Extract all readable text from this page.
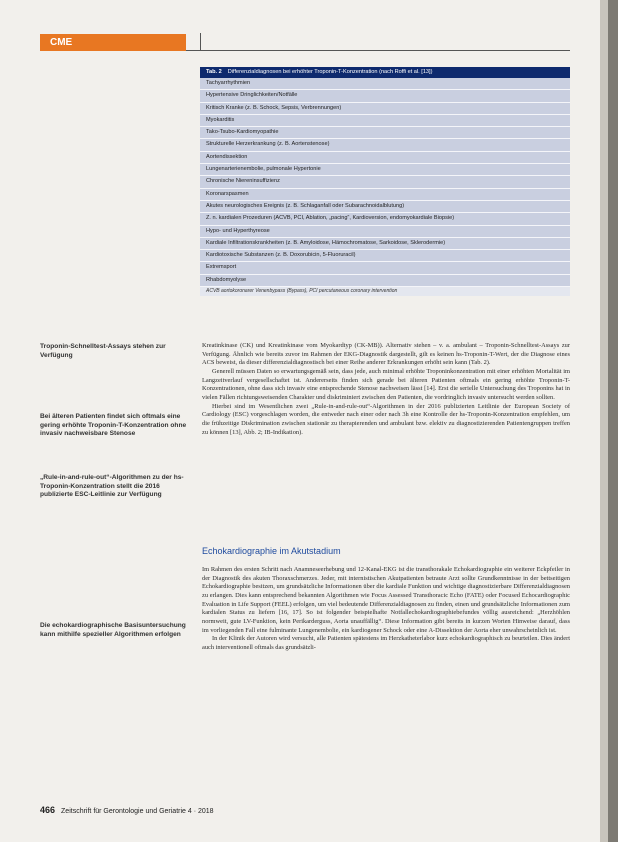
CME
Tab. 2 Differenzialdiagnosen bei erhöhter Troponin-T-Konzentration (nach Roffi et al. [13])
Tachyarrhythmien
Hypertensive Dringlichkeiten/Notfälle
Kritisch Kranke (z. B. Schock, Sepsis, Verbrennungen)
Myokarditis
Tako-Tsubo-Kardiomyopathie
Strukturelle Herzerkrankung (z. B. Aortenstenose)
Aortendissektion
Lungenarterienembolie, pulmonale Hypertonie
Chronische Niereninsuffizienz
Koronarspasmen
Akutes neurologisches Ereignis (z. B. Schlaganfall oder Subarachnoidalblutung)
Z. n. kardialen Prozeduren (ACVB, PCI, Ablation, „pacing“, Kardioversion, endomyokardiale Biopsie)
Hypo- und Hyperthyreose
Kardiale Infiltrationskrankheiten (z. B. Amyloidose, Hämochromatose, Sarkoidose, Sklerodermie)
Kardiotoxische Substanzen (z. B. Doxorubicin, 5-Fluoruracil)
Extremsport
Rhabdomyolyse
ACVB aortokoronarer Venenbypass (Bypass), PCI percutaneous coronary intervention
Troponin-Schnelltest-Assays stehen zur Verfügung
Bei älteren Patienten findet sich oftmals eine gering erhöhte Troponin-T-Konzentration ohne invasiv nachweisbare Stenose
„Rule-in-and-rule-out“-Algorithmen zu der hs-Troponin-Konzentration stellt die 2016 publizierte ESC-Leitlinie zur Verfügung
Die echokardiographische Basisuntersuchung kann mithilfe spezieller Algorithmen erfolgen

Kreatinkinase (CK) und Kreatinkinase vom Myokardtyp (CK-MB)). Alternativ stehen – v. a. ambulant – Troponin-Schnelltest-Assays zur Verfügung. Ähnlich wie bereits zuvor im Rahmen der EKG-Diagnostik dargestellt, gilt es keinen hs-Troponin-T-Wert, der die Diagnose eines ACS beweist, da dieser differenzialdiagnostisch bei einer Reihe anderer Erkrankungen erhöht sein kann (Tab. 2).

Generell müssen Daten so erwartungsgemäß sein, dass jede, auch minimal erhöhte Troponinkonzentration mit einer erhöhten Mortalität im Langzeitverlauf vergesellschaftet ist. Andererseits finden sich gerade bei älteren Patienten oftmals ein gering erhöhte Troponin-T-Konzentrationen, ohne dass sich invasiv eine entsprechende Stenose nachweisen lässt [14]. Erst die serielle Untersuchung des Troponins hat in vielen Fällen richtungsweisenden Charakter und diskriminiert zwischen den Patienten, die vordringlich invasiv untersucht werden sollten.

Hierbei sind im Wesentlichen zwei „Rule-in-and-rule-out“-Algorithmen in der 2016 publizierten Leitlinie der European Society of Cardiology (ESC) vorgeschlagen worden, die entweder nach einer oder nach 3h eine Kontrolle der hs-Troponin-Konzentration empfehlen, um die frühzeitige Diskrimination zwischen stationär zu therapierenden und ambulant bzw. elektiv zu diagnostizierenden Patientengruppen treffen zu können [13], Abb. 2; IB-Indikation).

Echokardiographie im Akutstadium

Im Rahmen des ersten Schritt nach Anamneseerhebung und 12-Kanal-EKG ist die transthorakale Echokardiographie ein weiterer Eckpfeiler in der Diagnostik des akuten Thoraxschmerzes. Jeder, mit internistischen Akutpatienten betraute Arzt sollte Grundkenntnisse in der bettseitigen Echokardiographie besitzen, um grundsätzliche Informationen über die kardiale Funktion und wichtige diagnostizierbare Differenzialdiagnosen zu erlangen. Dies kann entsprechend bekannten Algorithmen wie Focus Assessed Transthoracic Echo (FATE) oder Focused Echocardiographic Evaluation in Life Support (FEEL) erfolgen, um viel bedeutende Differenzialdiagnosen zu finden, einen und grundsätzliche Informationen zum kardialen Status zu liefern [16, 17]. So ist folgender beispielhafte Notfallechokardiographiebefundes völlig ausreichend: „Herzhöhlen normweit, gute LV-Funktion, kein Perikarderguss, Aorta unauffällig“. Diese Information gibt bereits in kurzen Worten Hinweise darauf, dass im vorliegenden Fall eine fulminante Lungenembolie, ein kardiogener Schock oder eine A-Dissektion der Aorta eher unwahrscheinlich ist.

In der Klinik der Autoren wird versucht, alle Patienten spätestens im Herzkatheterlabor kurz echokardiographisch zu beurteilen. Dies ändert auch interventionell oftmals das grundsätzli-

466 Zeitschrift für Gerontologie und Geriatrie 4 · 2018
